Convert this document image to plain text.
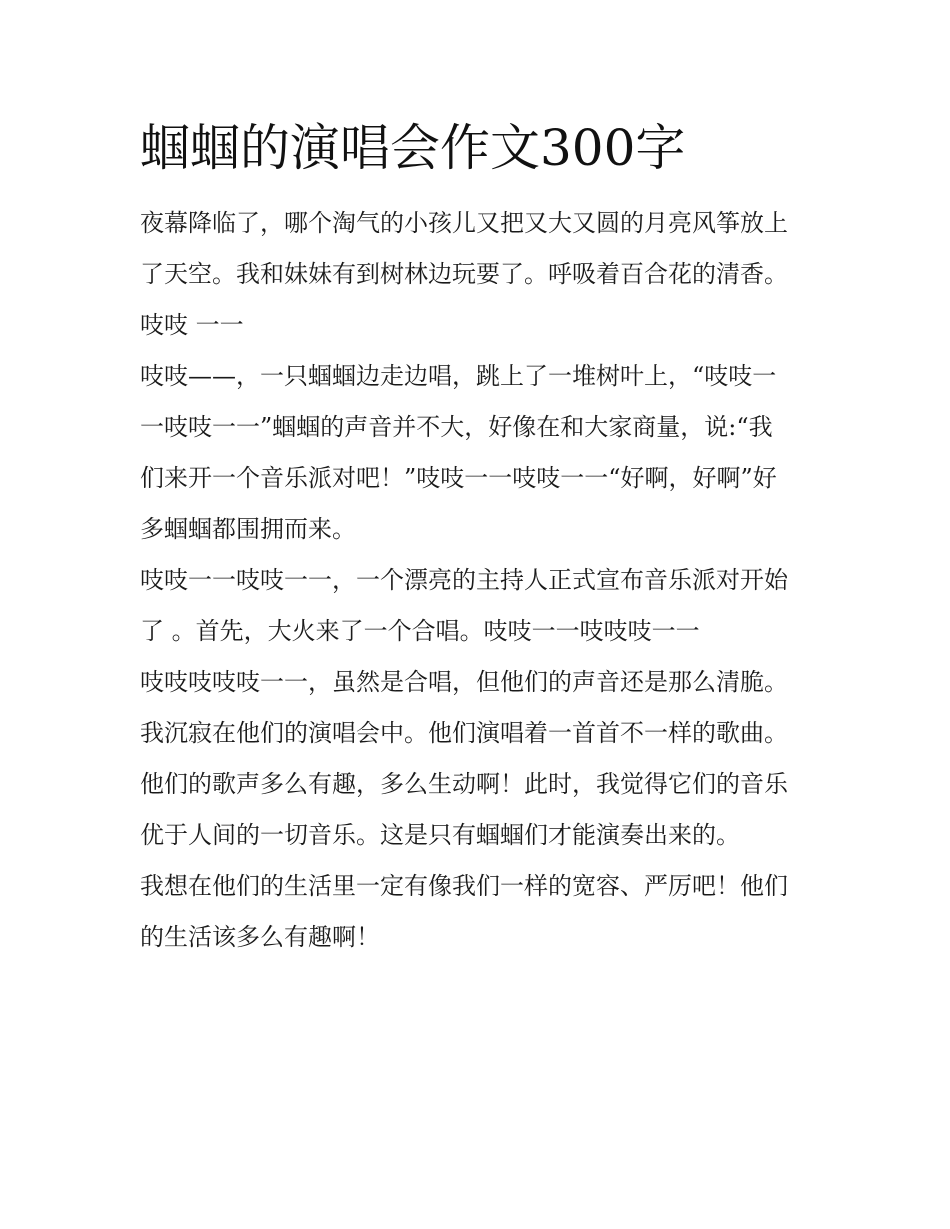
蝈蝈的演唱会作文300字
夜幕降临了，哪个淘气的小孩儿又把又大又圆的月亮风筝放上
了天空。我和妹妹有到树林边玩要了。呼吸着百合花的清香。
吱吱 一一
吱吱——，一只蝈蝈边走边唱，跳上了一堆树叶上，“吱吱一
一吱吱一一”蝈蝈的声音并不大，好像在和大家商量，说:“我
们来开一个音乐派对吧！”吱吱一一吱吱一一“好啊，好啊”好
多蝈蝈都围拥而来。
吱吱一一吱吱一一，一个漂亮的主持人正式宣布音乐派对开始
了 。首先，大火来了一个合唱。吱吱一一吱吱吱一一
吱吱吱吱吱一一，虽然是合唱，但他们的声音还是那么清脆。
我沉寂在他们的演唱会中。他们演唱着一首首不一样的歌曲。
他们的歌声多么有趣，多么生动啊！此时，我觉得它们的音乐
优于人间的一切音乐。这是只有蝈蝈们才能演奏出来的。
我想在他们的生活里一定有像我们一样的宽容、严厉吧！他们
的生活该多么有趣啊！
